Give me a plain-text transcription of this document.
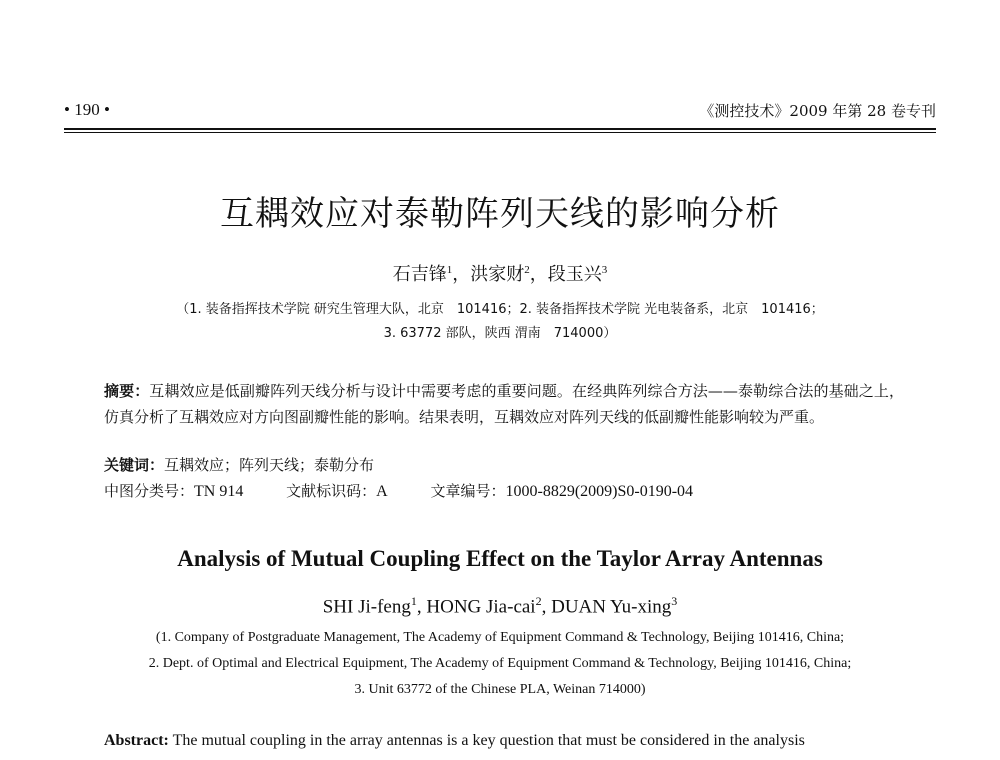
• 190 •	《测控技术》2009 年第 28 卷专刊
互耦效应对泰勒阵列天线的影响分析
石吉锋$^1$，洪家财$^2$，段玉兴$^3$
（1. 装备指挥技术学院 研究生管理大队，北京　101416；2. 装备指挥技术学院 光电装备系，北京　101416；
3. 63772 部队，陕西 渭南　714000）
摘要：互耦效应是低副瓣阵列天线分析与设计中需要考虑的重要问题。在经典阵列综合方法——泰勒综合法的基础之上，仿真分析了互耦效应对方向图副瓣性能的影响。结果表明，互耦效应对阵列天线的低副瓣性能影响较为严重。
关键词：互耦效应；阵列天线；泰勒分布
中图分类号：TN 914	文献标识码：A	文章编号：1000-8829(2009)S0-0190-04
Analysis of Mutual Coupling Effect on the Taylor Array Antennas
SHI Ji-feng$^1$, HONG Jia-cai$^2$, DUAN Yu-xing$^3$
(1. Company of Postgraduate Management, The Academy of Equipment Command & Technology, Beijing 101416, China;
2. Dept. of Optimal and Electrical Equipment, The Academy of Equipment Command & Technology, Beijing 101416, China;
3. Unit 63772 of the Chinese PLA, Weinan 714000)
Abstract: The mutual coupling in the array antennas is a key question that must be considered in the analysis
